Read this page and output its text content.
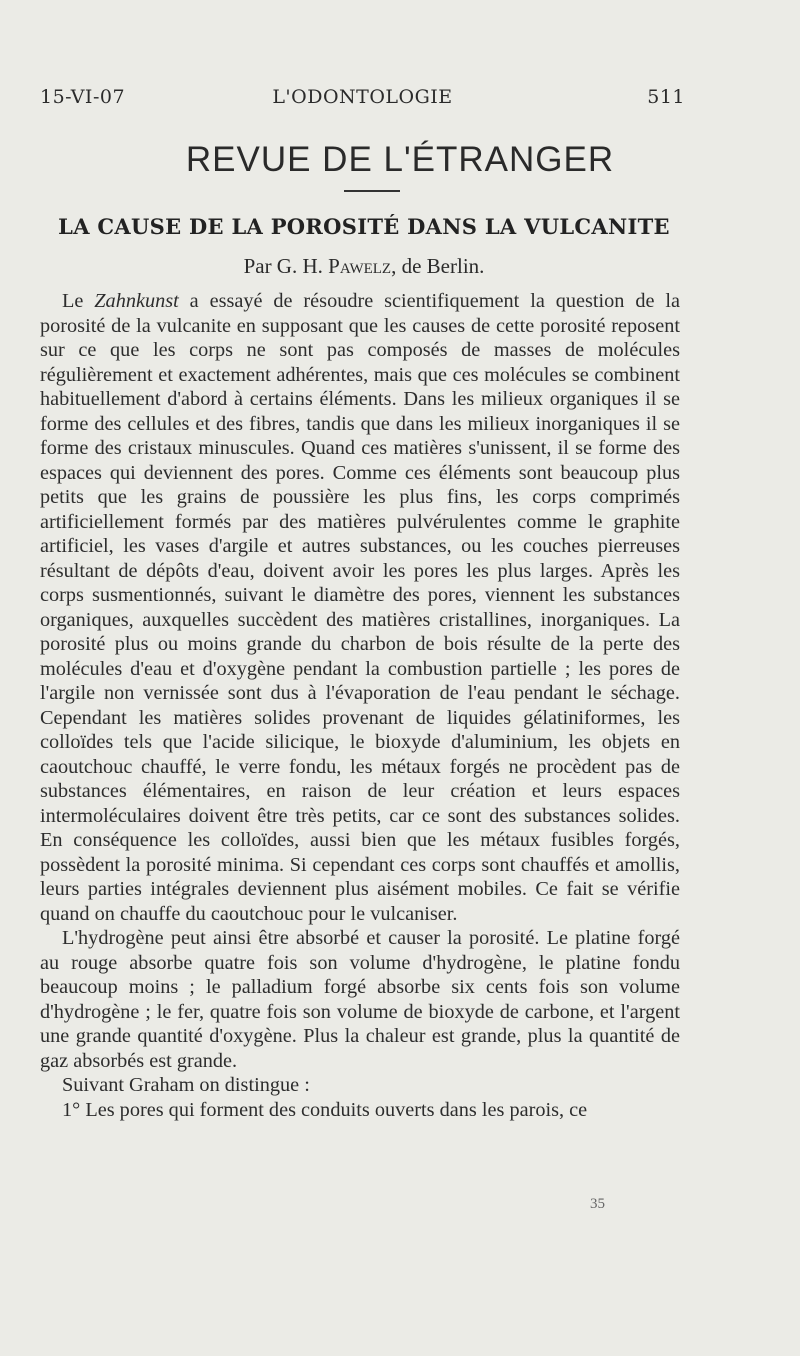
15-VI-07	L'ODONTOLOGIE	511
REVUE DE L'ÉTRANGER
LA CAUSE DE LA POROSITÉ DANS LA VULCANITE
Par G. H. Pawelz, de Berlin.

Le Zahnkunst a essayé de résoudre scientifiquement la question de la porosité de la vulcanite en supposant que les causes de cette porosité reposent sur ce que les corps ne sont pas composés de masses de molécules régulièrement et exactement adhérentes, mais que ces molécules se combinent habituellement d'abord à certains éléments. Dans les milieux organiques il se forme des cellules et des fibres, tandis que dans les milieux inorganiques il se forme des cristaux minuscules. Quand ces matières s'unissent, il se forme des espaces qui deviennent des pores. Comme ces éléments sont beaucoup plus petits que les grains de poussière les plus fins, les corps comprimés artificiellement formés par des matières pulvérulentes comme le graphite artificiel, les vases d'argile et autres substances, ou les couches pierreuses résultant de dépôts d'eau, doivent avoir les pores les plus larges. Après les corps susmentionnés, suivant le diamètre des pores, viennent les substances organiques, auxquelles succèdent des matières cristallines, inorganiques. La porosité plus ou moins grande du charbon de bois résulte de la perte des molécules d'eau et d'oxygène pendant la combustion partielle ; les pores de l'argile non vernissée sont dus à l'évaporation de l'eau pendant le séchage. Cependant les matières solides provenant de liquides gélatiniformes, les colloïdes tels que l'acide silicique, le bioxyde d'aluminium, les objets en caoutchouc chauffé, le verre fondu, les métaux forgés ne procèdent pas de substances élémentaires, en raison de leur création et leurs espaces intermoléculaires doivent être très petits, car ce sont des substances solides. En conséquence les colloïdes, aussi bien que les métaux fusibles forgés, possèdent la porosité minima. Si cependant ces corps sont chauffés et amollis, leurs parties intégrales deviennent plus aisément mobiles. Ce fait se vérifie quand on chauffe du caoutchouc pour le vulcaniser.

L'hydrogène peut ainsi être absorbé et causer la porosité. Le platine forgé au rouge absorbe quatre fois son volume d'hydrogène, le platine fondu beaucoup moins ; le palladium forgé absorbe six cents fois son volume d'hydrogène ; le fer, quatre fois son volume de bioxyde de carbone, et l'argent une grande quantité d'oxygène. Plus la chaleur est grande, plus la quantité de gaz absorbés est grande.

Suivant Graham on distingue :

1° Les pores qui forment des conduits ouverts dans les parois, ce

35
